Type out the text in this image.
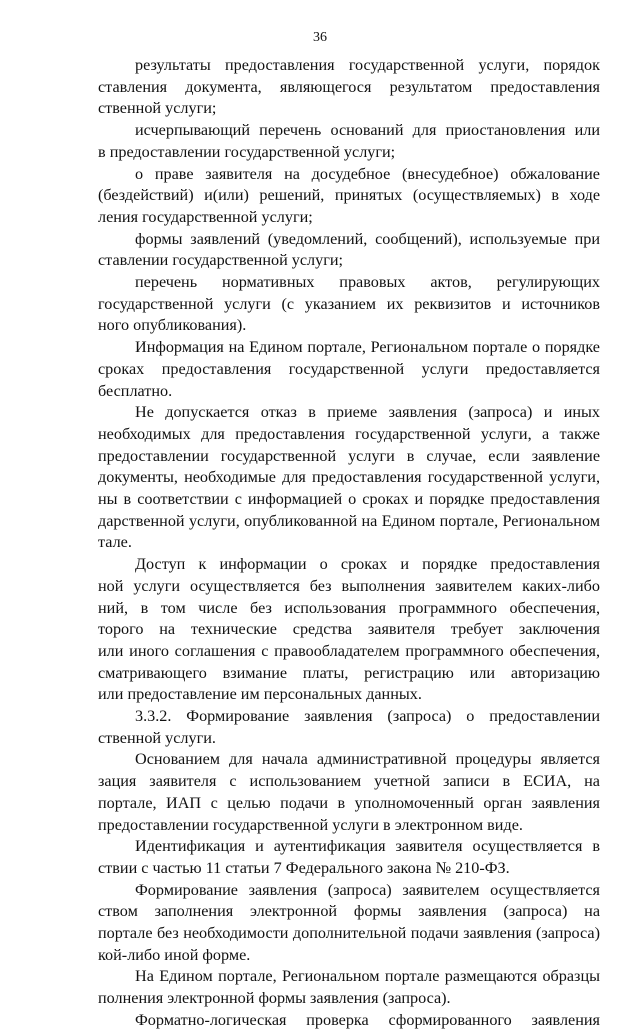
36
результаты предоставления государственной услуги, порядок
ставления документа, являющегося результатом предоставления
ственной услуги;
исчерпывающий перечень оснований для приостановления или
в предоставлении государственной услуги;
о праве заявителя на досудебное (внесудебное) обжалование
(бездействий) и(или) решений, принятых (осуществляемых) в ходе
ления государственной услуги;
формы заявлений (уведомлений, сообщений), используемые при
ставлении государственной услуги;
перечень нормативных правовых актов, регулирующих
государственной услуги (с указанием их реквизитов и источников
ного опубликования).
Информация на Едином портале, Региональном портале о порядке
сроках предоставления государственной услуги предоставляется
бесплатно.
Не допускается отказ в приеме заявления (запроса) и иных
необходимых для предоставления государственной услуги, а также
предоставлении государственной услуги в случае, если заявление
документы, необходимые для предоставления государственной услуги,
ны в соответствии с информацией о сроках и порядке предоставления
дарственной услуги, опубликованной на Едином портале, Региональном
тале.
Доступ к информации о сроках и порядке предоставления
ной услуги осуществляется без выполнения заявителем каких-либо
ний, в том числе без использования программного обеспечения,
торого на технические средства заявителя требует заключения
или иного соглашения с правообладателем программного обеспечения,
сматривающего взимание платы, регистрацию или авторизацию
или предоставление им персональных данных.
3.3.2. Формирование заявления (запроса) о предоставлении
ственной услуги.
Основанием для начала административной процедуры является
зация заявителя с использованием учетной записи в ЕСИА, на
портале, ИАП с целью подачи в уполномоченный орган заявления
предоставлении государственной услуги в электронном виде.
Идентификация и аутентификация заявителя осуществляется в
ствии с частью 11 статьи 7 Федерального закона № 210-ФЗ.
Формирование заявления (запроса) заявителем осуществляется
ством заполнения электронной формы заявления (запроса) на
портале без необходимости дополнительной подачи заявления (запроса)
кой-либо иной форме.
На Едином портале, Региональном портале размещаются образцы
полнения электронной формы заявления (запроса).
Форматно-логическая проверка сформированного заявления
